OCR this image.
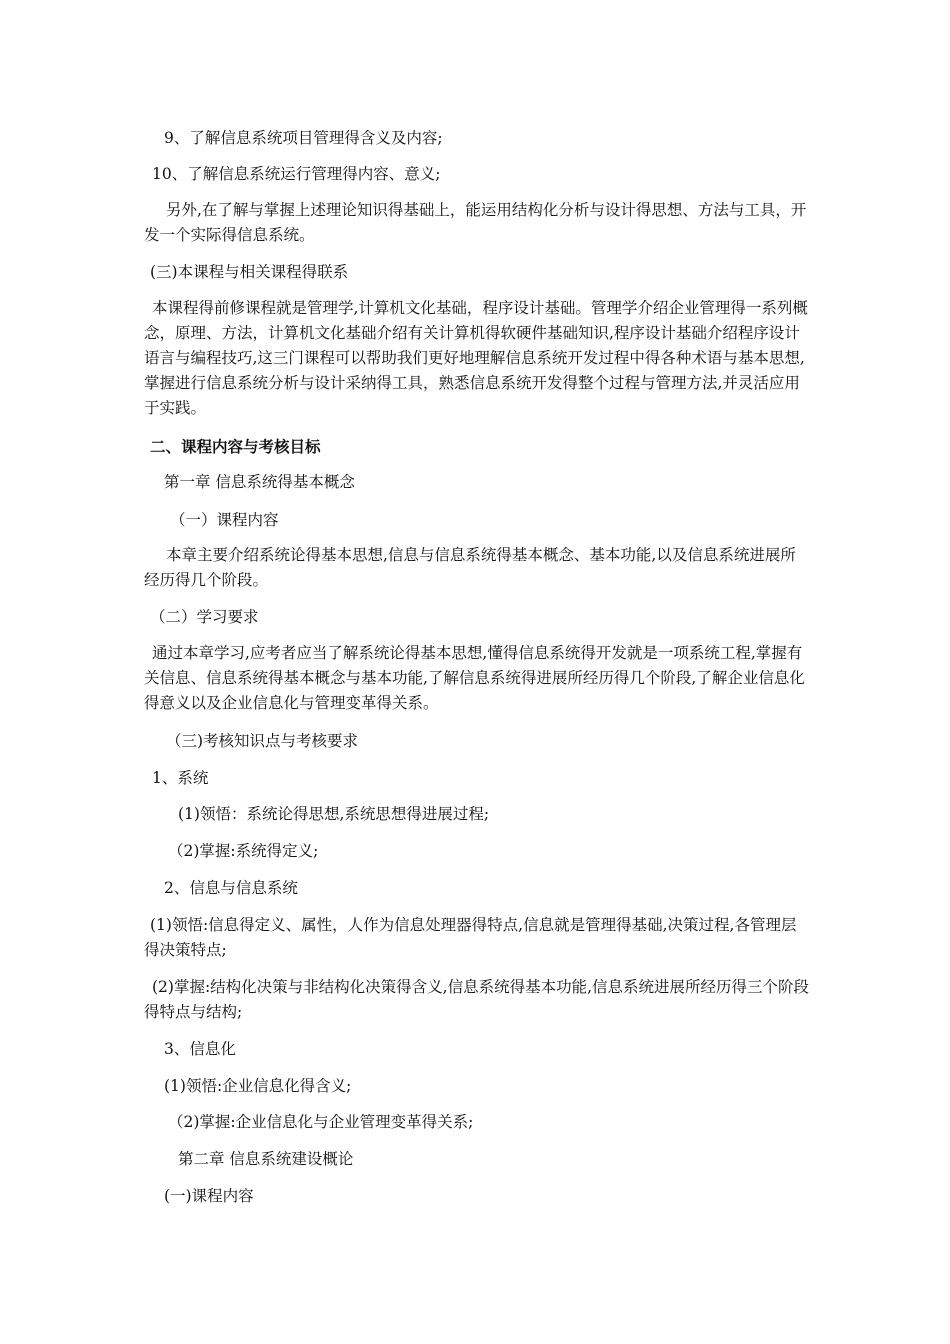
9、了解信息系统项目管理得含义及内容;

10、了解信息系统运行管理得内容、意义;

另外,在了解与掌握上述理论知识得基础上，能运用结构化分析与设计得思想、方法与工具，开发一个实际得信息系统。

(三)本课程与相关课程得联系

本课程得前修课程就是管理学,计算机文化基础，程序设计基础。管理学介绍企业管理得一系列概念，原理、方法，计算机文化基础介绍有关计算机得软硬件基础知识,程序设计基础介绍程序设计语言与编程技巧,这三门课程可以帮助我们更好地理解信息系统开发过程中得各种术语与基本思想,掌握进行信息系统分析与设计采纳得工具，熟悉信息系统开发得整个过程与管理方法,并灵活应用于实践。

二、课程内容与考核目标

第一章 信息系统得基本概念

（一）课程内容

本章主要介绍系统论得基本思想,信息与信息系统得基本概念、基本功能,以及信息系统进展所经历得几个阶段。

（二）学习要求

通过本章学习,应考者应当了解系统论得基本思想,懂得信息系统得开发就是一项系统工程,掌握有关信息、信息系统得基本概念与基本功能,了解信息系统得进展所经历得几个阶段,了解企业信息化得意义以及企业信息化与管理变革得关系。

（三)考核知识点与考核要求

1、系统

(1)领悟：系统论得思想,系统思想得进展过程;

（2)掌握:系统得定义;

2、信息与信息系统

(1)领悟:信息得定义、属性，人作为信息处理器得特点,信息就是管理得基础,决策过程,各管理层得决策特点;

(2)掌握:结构化决策与非结构化决策得含义,信息系统得基本功能,信息系统进展所经历得三个阶段得特点与结构;

3、信息化

(1)领悟:企业信息化得含义;

（2)掌握:企业信息化与企业管理变革得关系;

第二章 信息系统建设概论

(一)课程内容
